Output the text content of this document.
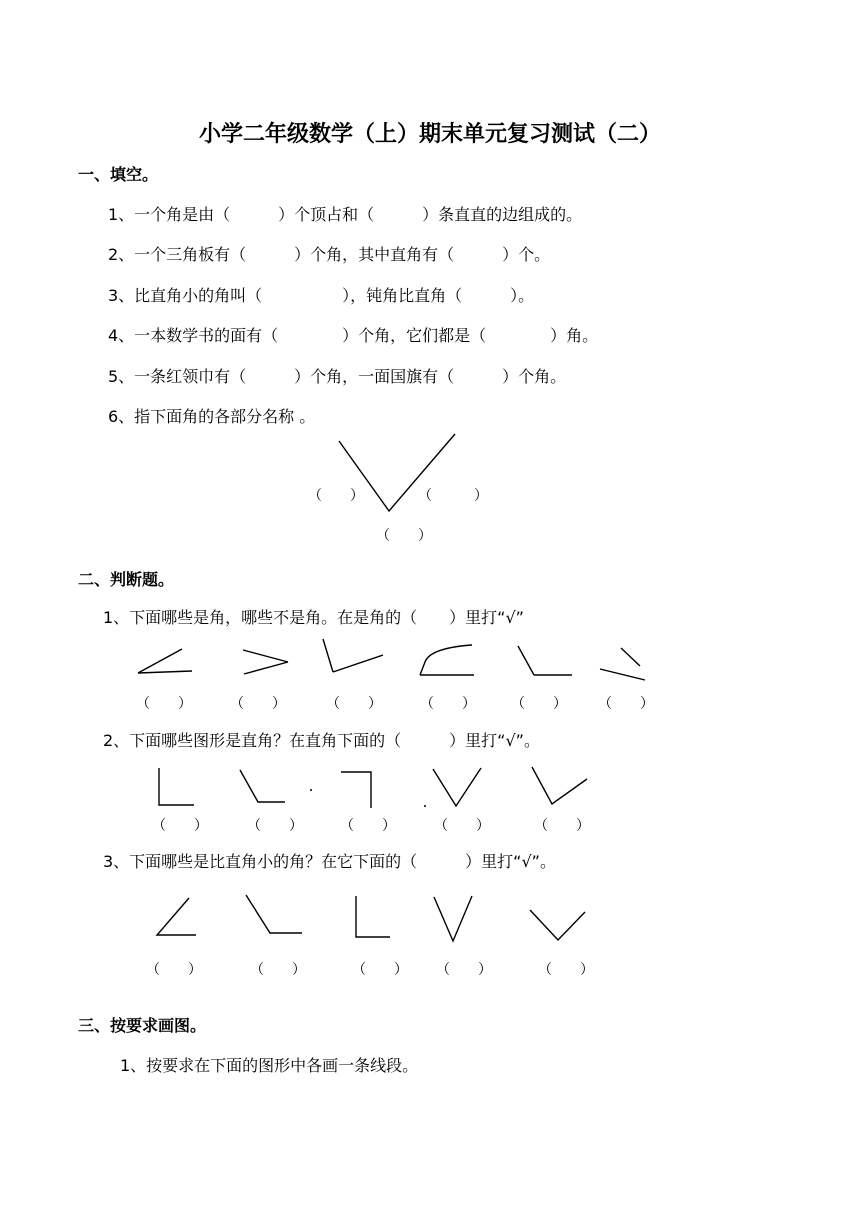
小学二年级数学（上）期末单元复习测试（二）
一、填空。
1、一个角是由（　　　）个顶占和（　　　）条直直的边组成的。
2、一个三角板有（　　　）个角，其中直角有（　　　）个。
3、比直角小的角叫（　　　　　），钝角比直角（　　　）。
4、一本数学书的面有（　　　　）个角，它们都是（　　　　）角。
5、一条红领巾有（　　　）个角，一面国旗有（　　　）个角。
6、指下面角的各部分名称 。
（　　）	（　　　）
（　　）
二、判断题。
1、下面哪些是角，哪些不是角。在是角的（　　）里打“√”
（　　）	（　　）	（　　）	（　　）	（　　） （　　）
2、下面哪些图形是直角？在直角下面的（　　　）里打“√”。
（　　）	（　　）	（　　）	（　　）	（　　）
3、下面哪些是比直角小的角？在它下面的（　　　）里打“√”。
（　　）	（　　）	（　　） （　　）	（　　）
三、按要求画图。
1、按要求在下面的图形中各画一条线段。
